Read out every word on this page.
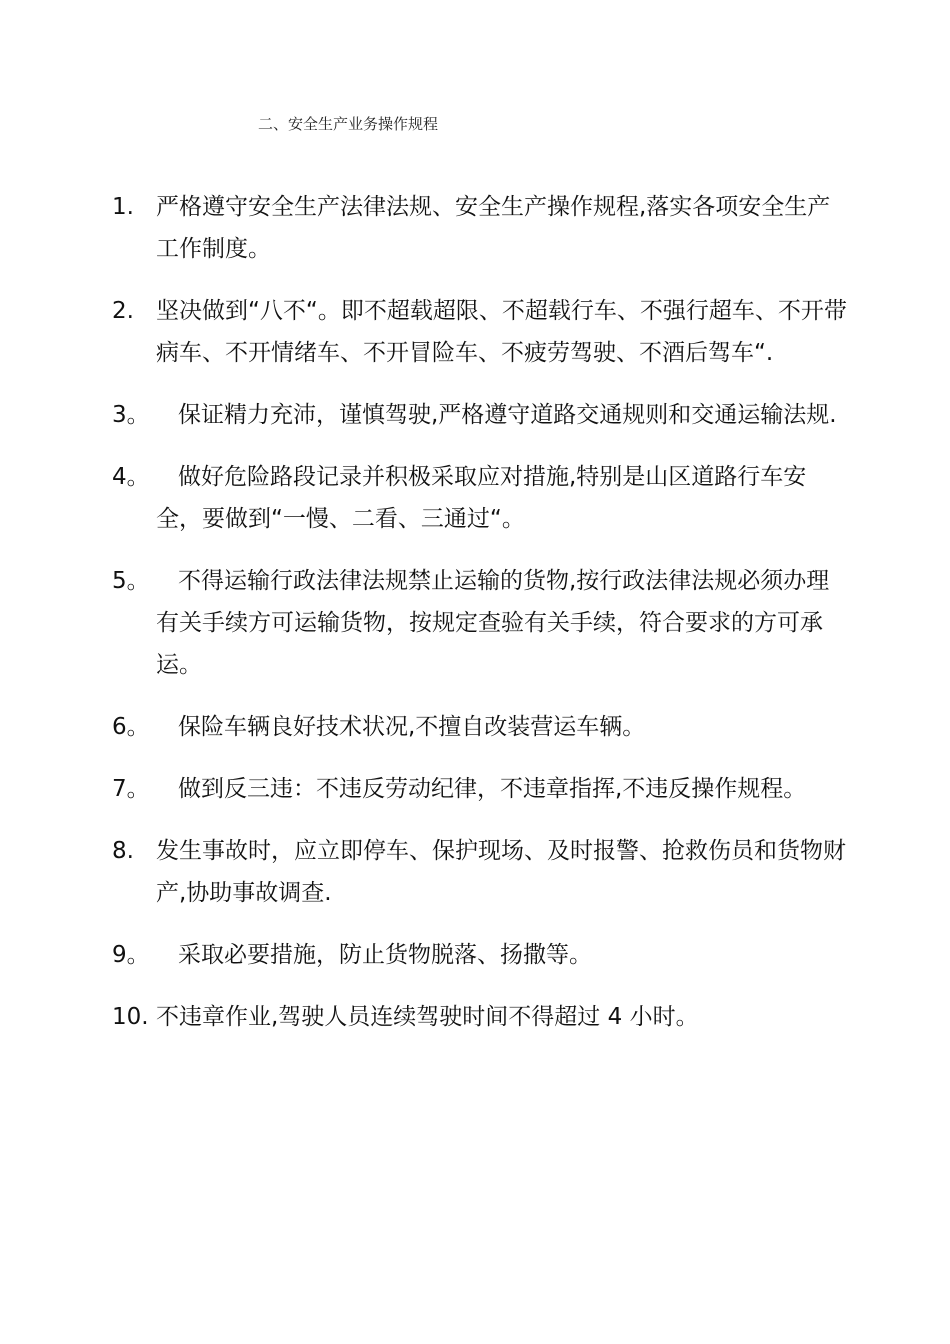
二、安全生产业务操作规程
1. 严格遵守安全生产法律法规、安全生产操作规程,落实各项安全生产工作制度。
2. 坚决做到“八不“。即不超载超限、不超载行车、不强行超车、不开带病车、不开情绪车、不开冒险车、不疲劳驾驶、不酒后驾车“.
3。	保证精力充沛，谨慎驾驶,严格遵守道路交通规则和交通运输法规.
4。	做好危险路段记录并积极采取应对措施,特别是山区道路行车安全，要做到“一慢、二看、三通过“。
5。	不得运输行政法律法规禁止运输的货物,按行政法律法规必须办理有关手续方可运输货物，按规定查验有关手续，符合要求的方可承运。
6。	保险车辆良好技术状况,不擅自改装营运车辆。
7。	做到反三违：不违反劳动纪律，不违章指挥,不违反操作规程。
8. 发生事故时，应立即停车、保护现场、及时报警、抢救伤员和货物财产,协助事故调查.
9。	采取必要措施，防止货物脱落、扬撒等。
10. 不违章作业,驾驶人员连续驾驶时间不得超过 4 小时。
